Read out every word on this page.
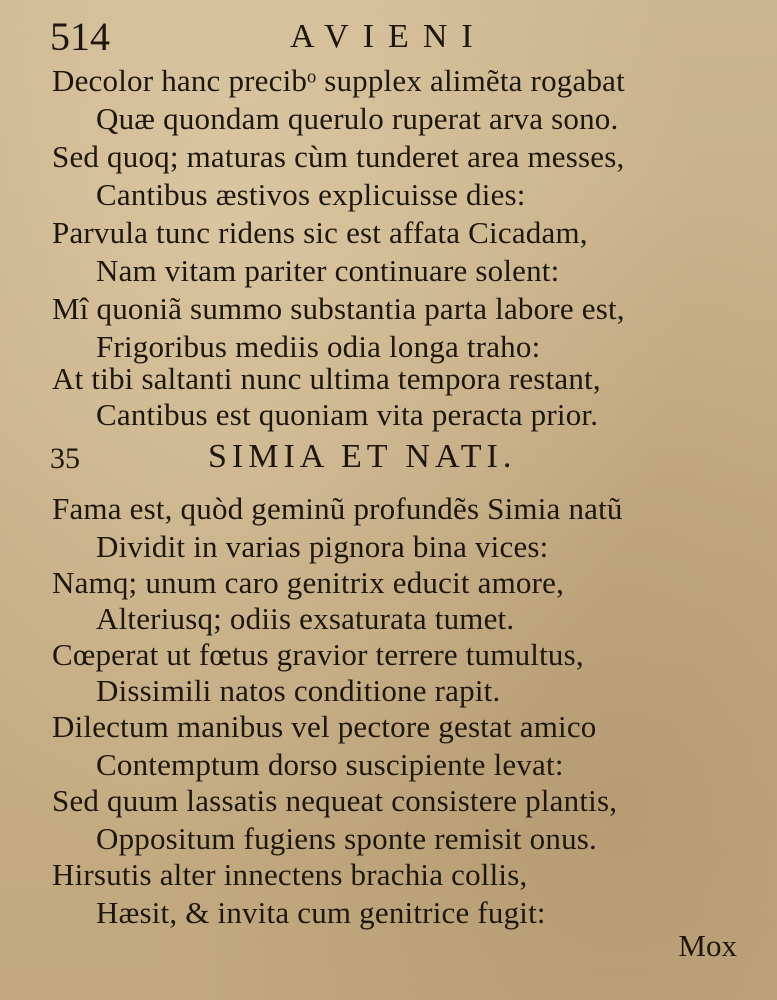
514	AVIENI
Decolor hanc precibᵒ supplex alimẽta rogabat
Quæ quondam querulo ruperat arva sono.
Sed quoq; maturas cùm tunderet area messes,
Cantibus æstivos explicuisse dies:
Parvula tunc ridens sic est affata Cicadam,
Nam vitam pariter continuare solent:
Mî quoniã summo substantia parta labore est,
Frigoribus mediis odia longa traho:
At tibi saltanti nunc ultima tempora restant,
Cantibus est quoniam vita peracta prior.
35	SIMIA ET NATI.
Fama est, quòd geminũ profundẽs Simia natũ
Dividit in varias pignora bina vices:
Namq; unum caro genitrix educit amore,
Alteriusq; odiis exsaturata tumet.
Cœperat ut fœtus gravior terrere tumultus,
Dissimili natos conditione rapit.
Dilectum manibus vel pectore gestat amico
Contemptum dorso suscipiente levat:
Sed quum lassatis nequeat consistere plantis,
Oppositum fugiens sponte remisit onus.
Hirsutis alter innectens brachia collis,
Hæsit, & invita cum genitrice fugit:
Mox
